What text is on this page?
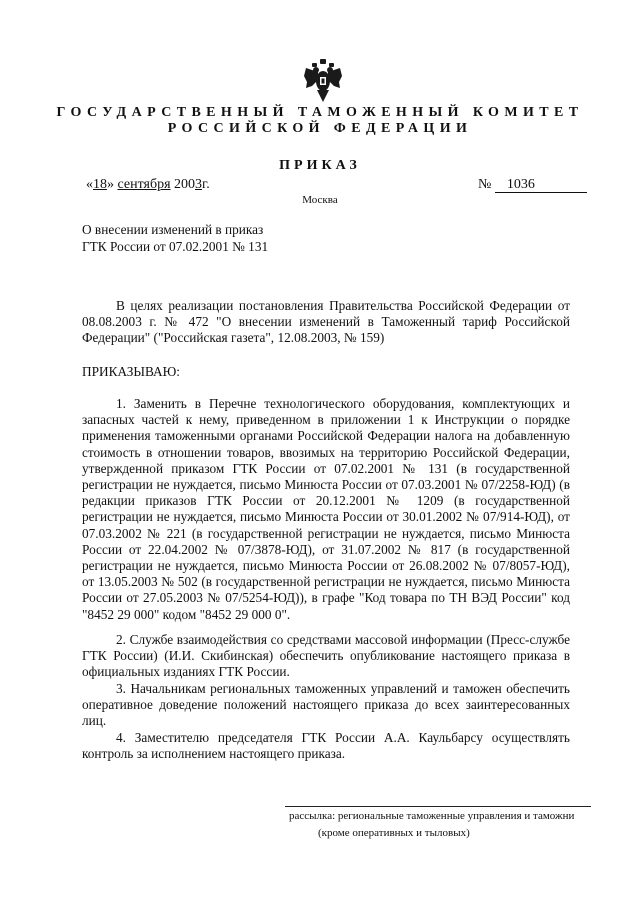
ГОСУДАРСТВЕННЫЙ ТАМОЖЕННЫЙ КОМИТЕТ
РОССИЙСКОЙ ФЕДЕРАЦИИ
ПРИКАЗ
«18» сентября 2003г.	№ 1036
Москва
О внесении изменений в приказ
ГТК России от 07.02.2001 № 131
В целях реализации постановления Правительства Российской Федерации от 08.08.2003 г. № 472 "О внесении изменений в Таможенный тариф Российской Федерации" ("Российская газета", 12.08.2003, № 159)
ПРИКАЗЫВАЮ:
1. Заменить в Перечне технологического оборудования, комплектующих и запасных частей к нему, приведенном в приложении 1 к Инструкции о порядке применения таможенными органами Российской Федерации налога на добавленную стоимость в отношении товаров, ввозимых на территорию Российской Федерации, утвержденной приказом ГТК России от 07.02.2001 № 131 (в государственной регистрации не нуждается, письмо Минюста России от 07.03.2001 № 07/2258-ЮД) (в редакции приказов ГТК России от 20.12.2001 № 1209 (в государственной регистрации не нуждается, письмо Минюста России от 30.01.2002 № 07/914-ЮД), от 07.03.2002 № 221 (в государственной регистрации не нуждается, письмо Минюста России от 22.04.2002 № 07/3878-ЮД), от 31.07.2002 № 817 (в государственной регистрации не нуждается, письмо Минюста России от 26.08.2002 № 07/8057-ЮД), от 13.05.2003 № 502 (в государственной регистрации не нуждается, письмо Минюста России от 27.05.2003 № 07/5254-ЮД)), в графе "Код товара по ТН ВЭД России" код "8452 29 000" кодом "8452 29 000 0".
2. Службе взаимодействия со средствами массовой информации (Пресс-службе ГТК России) (И.И. Скибинская) обеспечить опубликование настоящего приказа в официальных изданиях ГТК России.
3. Начальникам региональных таможенных управлений и таможен обеспечить оперативное доведение положений настоящего приказа до всех заинтересованных лиц.
4. Заместителю председателя ГТК России А.А. Каульбарсу осуществлять контроль за исполнением настоящего приказа.
рассылка: региональные таможенные управления и таможни
(кроме оперативных и тыловых)
